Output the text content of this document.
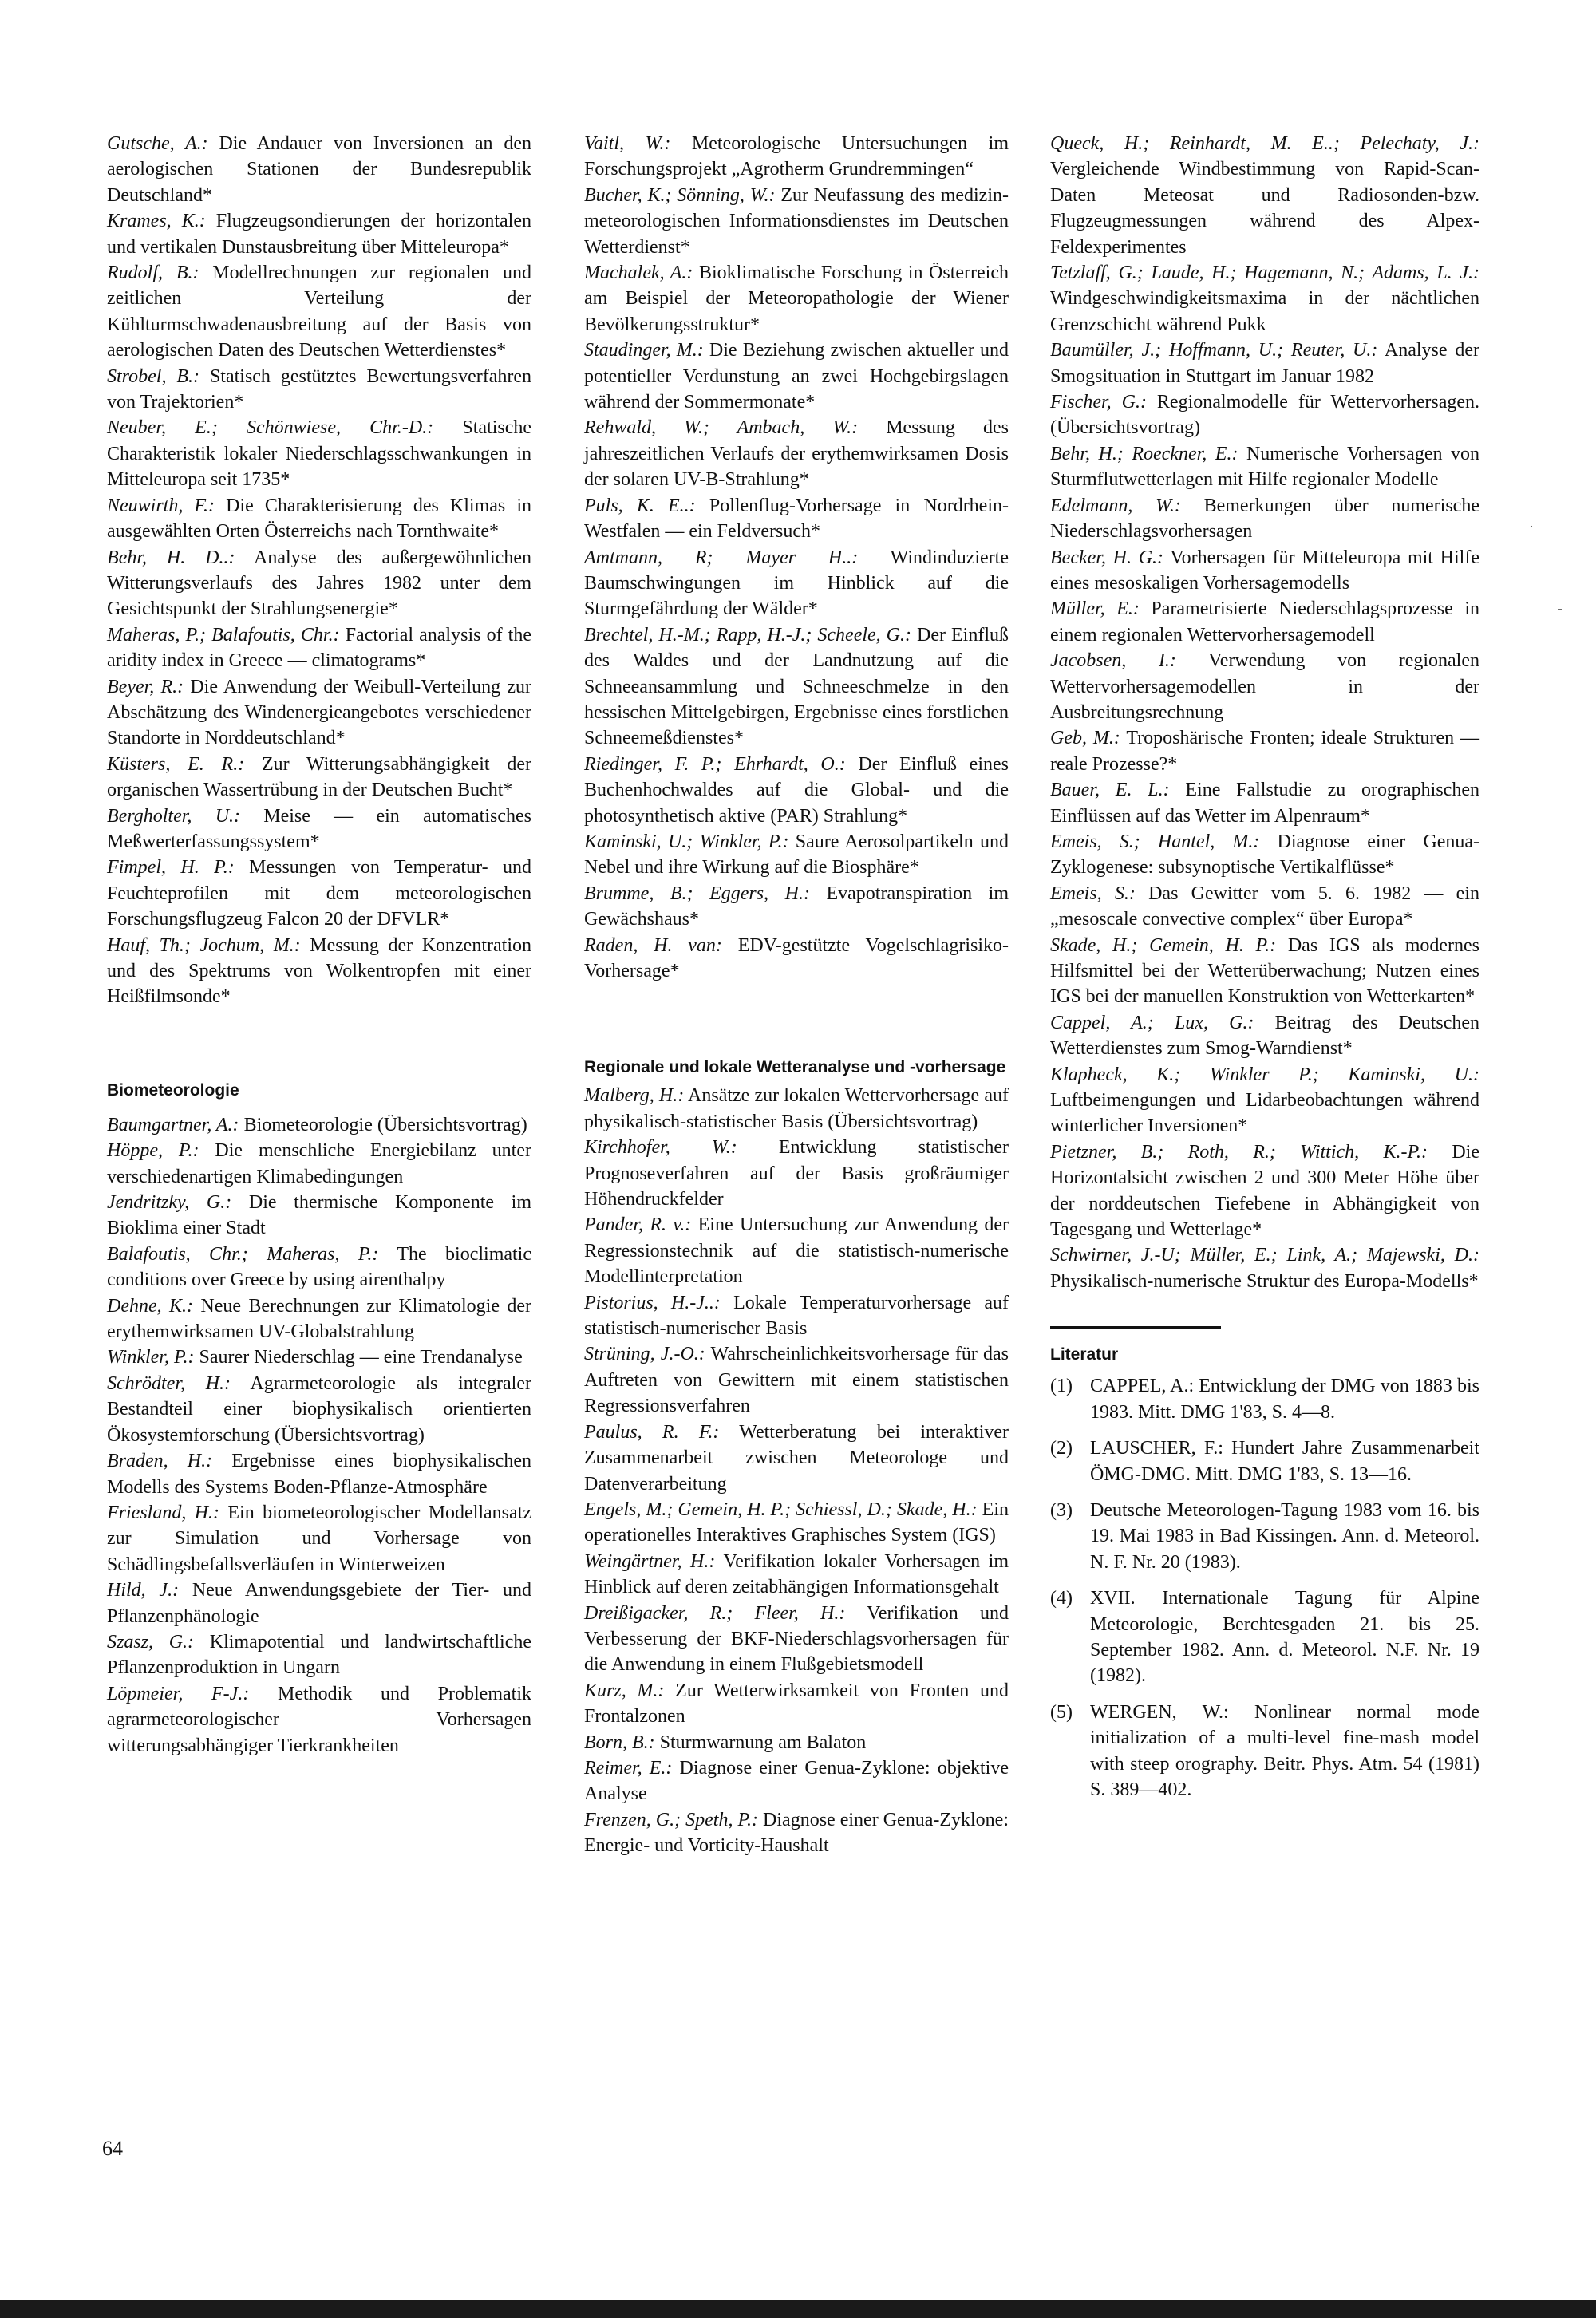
Gutsche, A.: Die Andauer von Inversionen an den aerologischen Stationen der Bundesrepublik Deutschland*

Krames, K.: Flugzeugsondierungen der horizontalen und vertikalen Dunstausbreitung über Mitteleuropa*

Rudolf, B.: Modellrechnungen zur regionalen und zeitlichen Verteilung der Kühlturmschwadenausbreitung auf der Basis von aerologischen Daten des Deutschen Wetterdienstes*

Strobel, B.: Statisch gestütztes Bewertungsverfahren von Trajektorien*

Neuber, E.; Schönwiese, Chr.-D.: Statische Charakteristik lokaler Niederschlagsschwankungen in Mitteleuropa seit 1735*

Neuwirth, F.: Die Charakterisierung des Klimas in ausgewählten Orten Österreichs nach Tornthwaite*

Behr, H. D..: Analyse des außergewöhnlichen Witterungsverlaufs des Jahres 1982 unter dem Gesichtspunkt der Strahlungsenergie*

Maheras, P.; Balafoutis, Chr.: Factorial analysis of the aridity index in Greece — climatograms*

Beyer, R.: Die Anwendung der Weibull-Verteilung zur Abschätzung des Windenergieangebotes verschiedener Standorte in Norddeutschland*

Küsters, E. R.: Zur Witterungsabhängigkeit der organischen Wassertrübung in der Deutschen Bucht*

Bergholter, U.: Meise — ein automatisches Meßwerterfassungssystem*

Fimpel, H. P.: Messungen von Temperatur- und Feuchteprofilen mit dem meteorologischen Forschungsflugzeug Falcon 20 der DFVLR*

Hauf, Th.; Jochum, M.: Messung der Konzentration und des Spektrums von Wolkentropfen mit einer Heißfilmsonde*

Biometeorologie

Baumgartner, A.: Biometeorologie (Übersichtsvortrag)

Höppe, P.: Die menschliche Energiebilanz unter verschiedenartigen Klimabedingungen

Jendritzky, G.: Die thermische Komponente im Bioklima einer Stadt

Balafoutis, Chr.; Maheras, P.: The bioclimatic conditions over Greece by using airenthalpy

Dehne, K.: Neue Berechnungen zur Klimatologie der erythemwirksamen UV-Globalstrahlung

Winkler, P.: Saurer Niederschlag — eine Trendanalyse

Schrödter, H.: Agrarmeteorologie als integraler Bestandteil einer biophysikalisch orientierten Ökosystemforschung (Übersichtsvortrag)

Braden, H.: Ergebnisse eines biophysikalischen Modells des Systems Boden-Pflanze-Atmosphäre

Friesland, H.: Ein biometeorologischer Modellansatz zur Simulation und Vorhersage von Schädlingsbefallsverläufen in Winterweizen

Hild, J.: Neue Anwendungsgebiete der Tier- und Pflanzenphänologie

Szasz, G.: Klimapotential und landwirtschaftliche Pflanzenproduktion in Ungarn

Löpmeier, F-J.: Methodik und Problematik agrarmeteorologischer Vorhersagen witterungsabhängiger Tierkrankheiten

Vaitl, W.: Meteorologische Untersuchungen im Forschungsprojekt „Agrotherm Grundremmingen“

Bucher, K.; Sönning, W.: Zur Neufassung des medizin-meteorologischen Informationsdienstes im Deutschen Wetterdienst*

Machalek, A.: Bioklimatische Forschung in Österreich am Beispiel der Meteoropathologie der Wiener Bevölkerungsstruktur*

Staudinger, M.: Die Beziehung zwischen aktueller und potentieller Verdunstung an zwei Hochgebirgslagen während der Sommermonate*

Rehwald, W.; Ambach, W.: Messung des jahreszeitlichen Verlaufs der erythemwirksamen Dosis der solaren UV-B-Strahlung*

Puls, K. E..: Pollenflug-Vorhersage in Nordrhein-Westfalen — ein Feldversuch*

Amtmann, R; Mayer H..: Windinduzierte Baumschwingungen im Hinblick auf die Sturmgefährdung der Wälder*

Brechtel, H.-M.; Rapp, H.-J.; Scheele, G.: Der Einfluß des Waldes und der Landnutzung auf die Schneeansammlung und Schneeschmelze in den hessischen Mittelgebirgen, Ergebnisse eines forstlichen Schneemeßdienstes*

Riedinger, F. P.; Ehrhardt, O.: Der Einfluß eines Buchenhochwaldes auf die Global- und die photosynthetisch aktive (PAR) Strahlung*

Kaminski, U.; Winkler, P.: Saure Aerosolpartikeln und Nebel und ihre Wirkung auf die Biosphäre*

Brumme, B.; Eggers, H.: Evapotranspiration im Gewächshaus*

Raden, H. van: EDV-gestützte Vogelschlagrisiko-Vorhersage*

Regionale und lokale Wetteranalyse und -vorhersage

Malberg, H.: Ansätze zur lokalen Wettervorhersage auf physikalisch-statistischer Basis (Übersichtsvortrag)

Kirchhofer, W.: Entwicklung statistischer Prognoseverfahren auf der Basis großräumiger Höhendruckfelder

Pander, R. v.: Eine Untersuchung zur Anwendung der Regressionstechnik auf die statistisch-numerische Modellinterpretation

Pistorius, H.-J..: Lokale Temperaturvorhersage auf statistisch-numerischer Basis

Strüning, J.-O.: Wahrscheinlichkeitsvorhersage für das Auftreten von Gewittern mit einem statistischen Regressionsverfahren

Paulus, R. F.: Wetterberatung bei interaktiver Zusammenarbeit zwischen Meteorologe und Datenverarbeitung

Engels, M.; Gemein, H. P.; Schiessl, D.; Skade, H.: Ein operationelles Interaktives Graphisches System (IGS)

Weingärtner, H.: Verifikation lokaler Vorhersagen im Hinblick auf deren zeitabhängigen Informationsgehalt

Dreißigacker, R.; Fleer, H.: Verifikation und Verbesserung der BKF-Niederschlagsvorhersagen für die Anwendung in einem Flußgebietsmodell

Kurz, M.: Zur Wetterwirksamkeit von Fronten und Frontalzonen

Born, B.: Sturmwarnung am Balaton

Reimer, E.: Diagnose einer Genua-Zyklone: objektive Analyse

Frenzen, G.; Speth, P.: Diagnose einer Genua-Zyklone: Energie- und Vorticity-Haushalt

Queck, H.; Reinhardt, M. E..; Pelechaty, J.: Vergleichende Windbestimmung von Rapid-Scan-Daten Meteosat und Radiosonden-bzw. Flugzeugmessungen während des Alpex-Feldexperimentes

Tetzlaff, G.; Laude, H.; Hagemann, N.; Adams, L. J.: Windgeschwindigkeitsmaxima in der nächtlichen Grenzschicht während Pukk

Baumüller, J.; Hoffmann, U.; Reuter, U.: Analyse der Smogsituation in Stuttgart im Januar 1982

Fischer, G.: Regionalmodelle für Wettervorhersagen. (Übersichtsvortrag)

Behr, H.; Roeckner, E.: Numerische Vorhersagen von Sturmflutwetterlagen mit Hilfe regionaler Modelle

Edelmann, W.: Bemerkungen über numerische Niederschlagsvorhersagen

Becker, H. G.: Vorhersagen für Mitteleuropa mit Hilfe eines mesoskaligen Vorhersagemodells

Müller, E.: Parametrisierte Niederschlagsprozesse in einem regionalen Wettervorhersagemodell

Jacobsen, I.: Verwendung von regionalen Wettervorhersagemodellen in der Ausbreitungsrechnung

Geb, M.: Troposhärische Fronten; ideale Strukturen — reale Prozesse?*

Bauer, E. L.: Eine Fallstudie zu orographischen Einflüssen auf das Wetter im Alpenraum*

Emeis, S.; Hantel, M.: Diagnose einer Genua-Zyklogenese: subsynoptische Vertikalflüsse*

Emeis, S.: Das Gewitter vom 5. 6. 1982 — ein „mesoscale convective complex“ über Europa*

Skade, H.; Gemein, H. P.: Das IGS als modernes Hilfsmittel bei der Wetterüberwachung; Nutzen eines IGS bei der manuellen Konstruktion von Wetterkarten*

Cappel, A.; Lux, G.: Beitrag des Deutschen Wetterdienstes zum Smog-Warndienst*

Klapheck, K.; Winkler P.; Kaminski, U.: Luftbeimengungen und Lidarbeobachtungen während winterlicher Inversionen*

Pietzner, B.; Roth, R.; Wittich, K.-P.: Die Horizontalsicht zwischen 2 und 300 Meter Höhe über der norddeutschen Tiefebene in Abhängigkeit von Tagesgang und Wetterlage*

Schwirner, J.-U; Müller, E.; Link, A.; Majewski, D.: Physikalisch-numerische Struktur des Europa-Modells*

Literatur

(1) CAPPEL, A.: Entwicklung der DMG von 1883 bis 1983. Mitt. DMG 1'83, S. 4—8.
(2) LAUSCHER, F.: Hundert Jahre Zusammenarbeit ÖMG-DMG. Mitt. DMG 1'83, S. 13—16.
(3) Deutsche Meteorologen-Tagung 1983 vom 16. bis 19. Mai 1983 in Bad Kissingen. Ann. d. Meteorol. N. F. Nr. 20 (1983).
(4) XVII. Internationale Tagung für Alpine Meteorologie, Berchtesgaden 21. bis 25. September 1982. Ann. d. Meteorol. N.F. Nr. 19 (1982).
(5) WERGEN, W.: Nonlinear normal mode initialization of a multi-level fine-mash model with steep orography. Beitr. Phys. Atm. 54 (1981) S. 389—402.
64
·
-
